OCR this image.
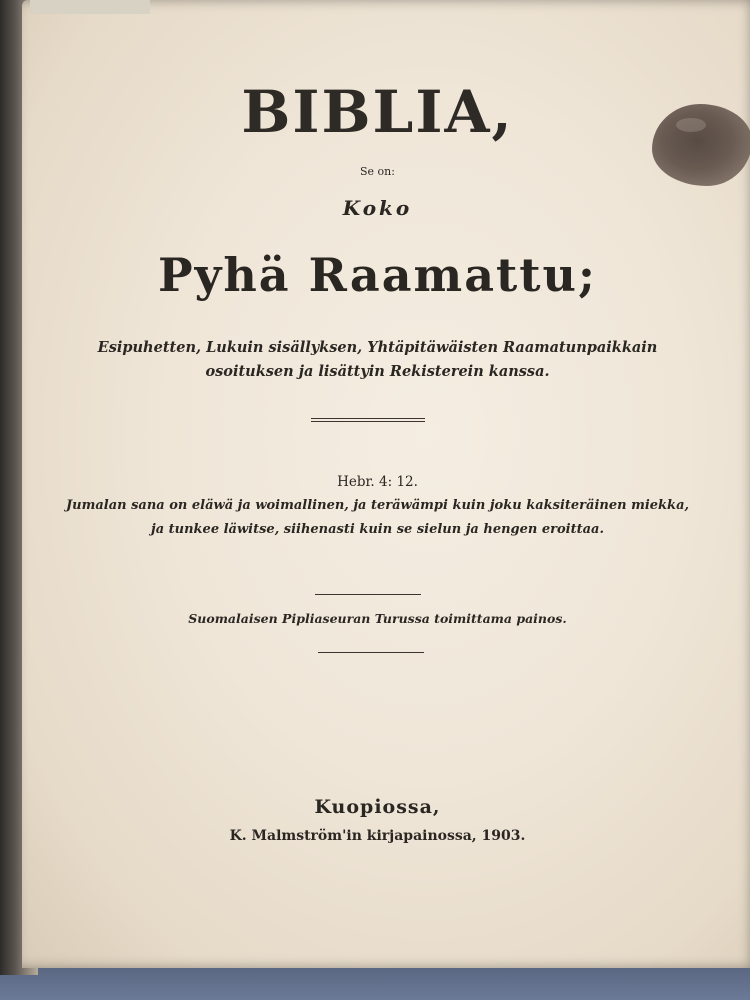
BIBLIA,
Se on:
Koko
Pyhä Raamattu;
Esipuhetten, Lukuin sisällyksen, Yhtäpitäwäisten Raamatunpaikkain
osoituksen ja lisättyin Rekisterein kanssa.
Hebr. 4: 12.
Jumalan sana on eläwä ja woimallinen, ja teräwämpi kuin joku kaksiteräinen miekka,
ja tunkee läwitse, siihenasti kuin se sielun ja hengen eroittaa.
Suomalaisen Pipliaseuran Turussa toimittama painos.
Kuopiossa,
K. Malmström'in kirjapainossa, 1903.
